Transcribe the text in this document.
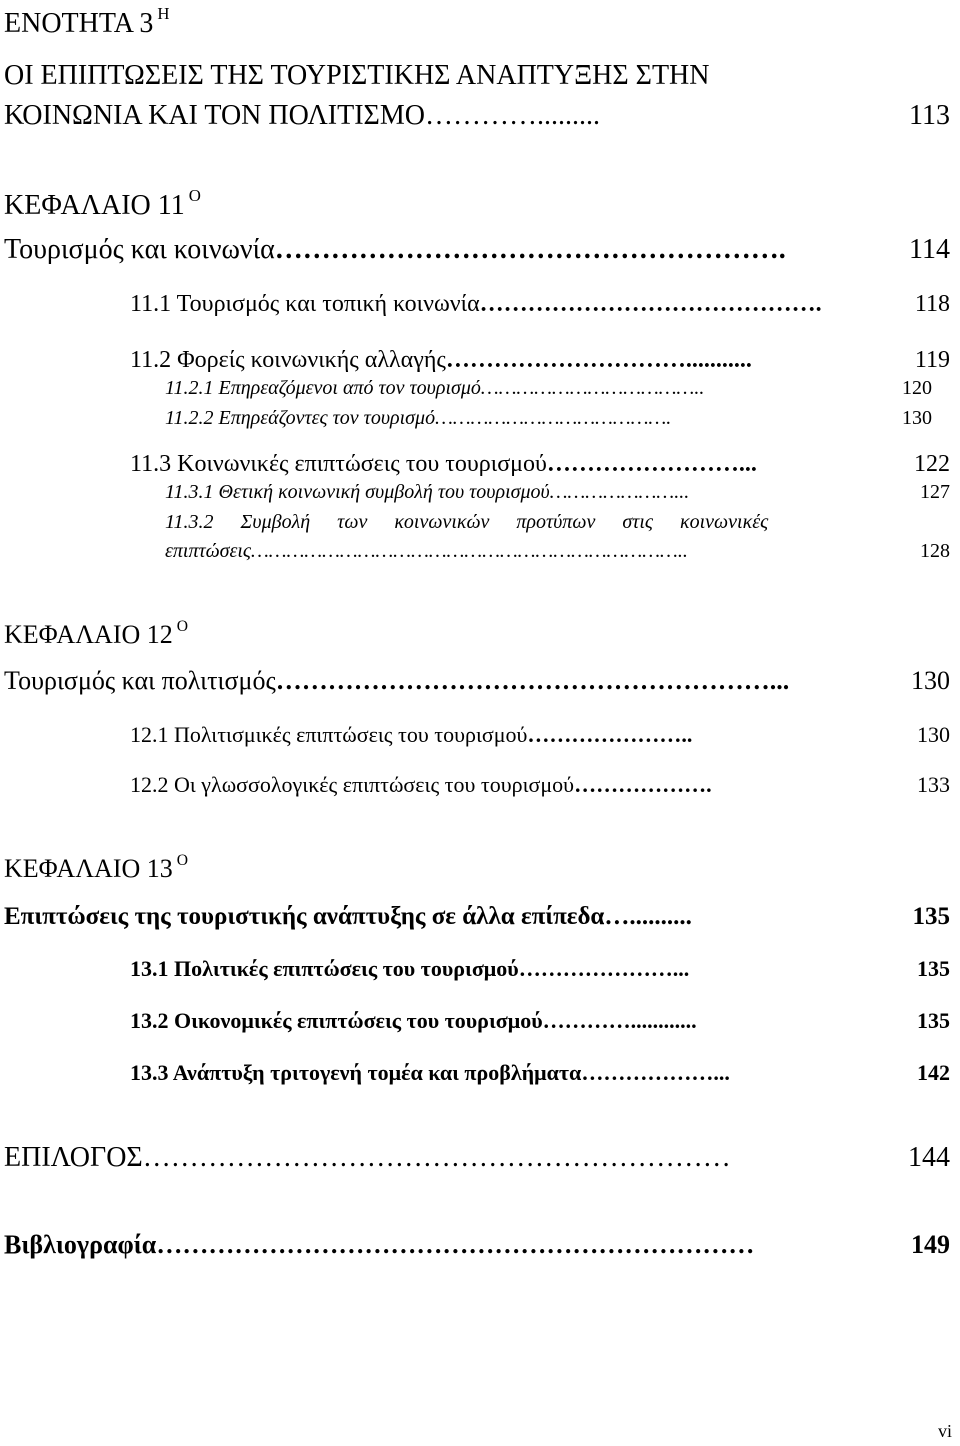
ΕΝΟΤΗΤΑ 3 $^H$
ΟΙ ΕΠΙΠΤΩΣΕΙΣ ΤΗΣ ΤΟΥΡΙΣΤΙΚΗΣ ΑΝΑΠΤΥΞΗΣ ΣΤΗΝ
ΚΟΙΝΩΝΙΑ ΚΑΙ ΤΟΝ ΠΟΛΙΤΙΣΜΟ ………….........	113
ΚΕΦΑΛΑΙΟ 11 $^O$
Τουρισμός και κοινωνία ……………………………………………….	114
11.1 Τουρισμός και τοπική κοινωνία …………………………………….	118
11.2 Φορείς κοινωνικής αλλαγής …………………………...........	119
11.2.1 Επηρεαζόμενοι από τον τουρισμό ………………………………..	120
11.2.2 Επηρεάζοντες τον τουρισμό ………………………………….	130
11.3 Κοινωνικές επιπτώσεις του τουρισμού ……………………...	122
11.3.1 Θετική κοινωνική συμβολή του τουρισμού …………………...	127
11.3.2 Συμβολή των κοινωνικών προτύπων στις κοινωνικές
επιπτώσεις ………………………………………………………………..	128
ΚΕΦΑΛΑΙΟ 12 $^O$
Τουρισμός και πολιτισμός …………………………………………………...	130
12.1 Πολιτισμικές επιπτώσεις του τουρισμού …………………..	130
12.2 Οι γλωσσολογικές επιπτώσεις του τουρισμού ……………….	133
ΚΕΦΑΛΑΙΟ 13 $^O$
Επιπτώσεις της τουριστικής ανάπτυξης σε άλλα επίπεδα …..........	135
13.1 Πολιτικές επιπτώσεις του τουρισμού …………………...	135
13.2 Οικονομικές επιπτώσεις του τουρισμού …………............	135
13.3 Ανάπτυξη τριτογενή τομέα και προβλήματα ………………...	142
ΕΠΙΛΟΓΟΣ ………………………………………………………	144
Βιβλιογραφία ……………………………………………………………	149
vi
